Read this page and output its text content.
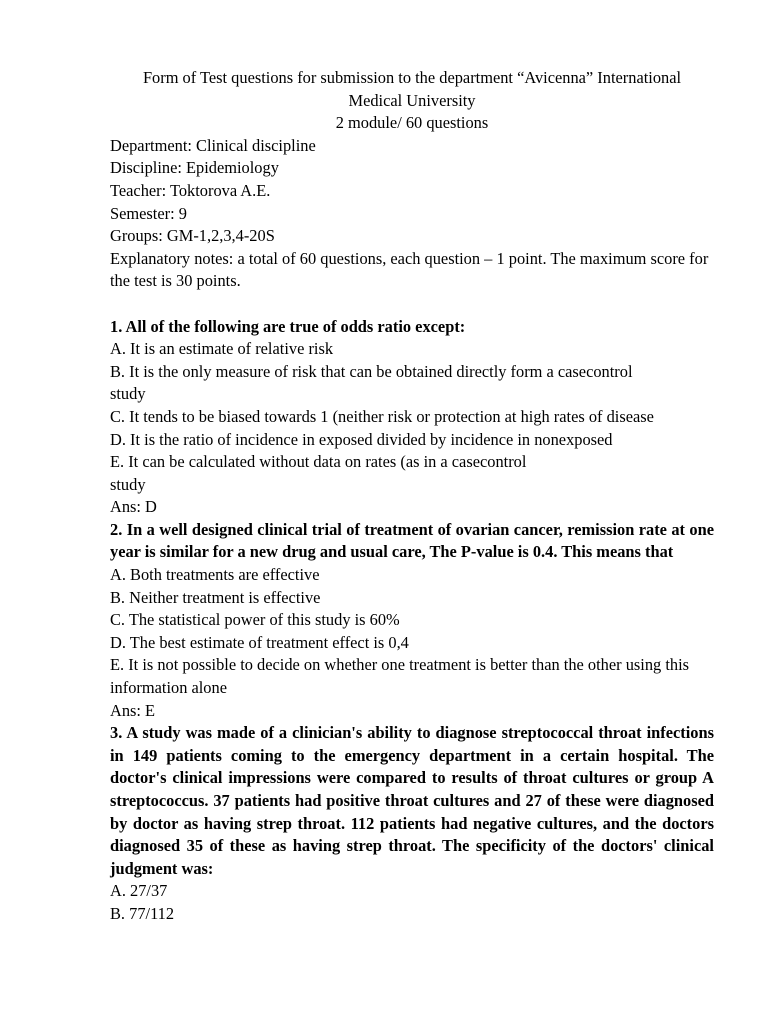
Form of Test questions for submission to the department “Avicenna” International
Medical University
2 module/ 60 questions
Department: Clinical discipline
Discipline: Epidemiology
Teacher: Toktorova A.E.
Semester: 9
Groups: GM-1,2,3,4-20S
Explanatory notes: a total of 60 questions, each question – 1 point. The maximum score for the test is 30 points.
1. All of the following are true of odds ratio except:
A. It is an estimate of relative risk
B. It is the only measure of risk that can be obtained directly form a casecontrol
study
C. It tends to be biased towards 1 (neither risk or protection at high rates of disease
D. It is the ratio of incidence in exposed divided by incidence in nonexposed
E. It can be calculated without data on rates (as in a casecontrol
study
Ans: D
2. In a well designed clinical trial of treatment of ovarian cancer, remission rate at one year is similar for a new drug and usual care, The P-value is 0.4. This means that
A. Both treatments are effective
B. Neither treatment is effective
C. The statistical power of this study is 60%
D. The best estimate of treatment effect is 0,4
E. It is not possible to decide on whether one treatment is better than the other using this information alone
Ans: E
3. A study was made of a clinician's ability to diagnose streptococcal throat infections in 149 patients coming to the emergency department in a certain hospital. The doctor's clinical impressions were compared to results of throat cultures or group A streptococcus. 37 patients had positive throat cultures and 27 of these were diagnosed by doctor as having strep throat. 112 patients had negative cultures, and the doctors diagnosed 35 of these as having strep throat. The specificity of the doctors' clinical judgment was:
A. 27/37
B. 77/112
